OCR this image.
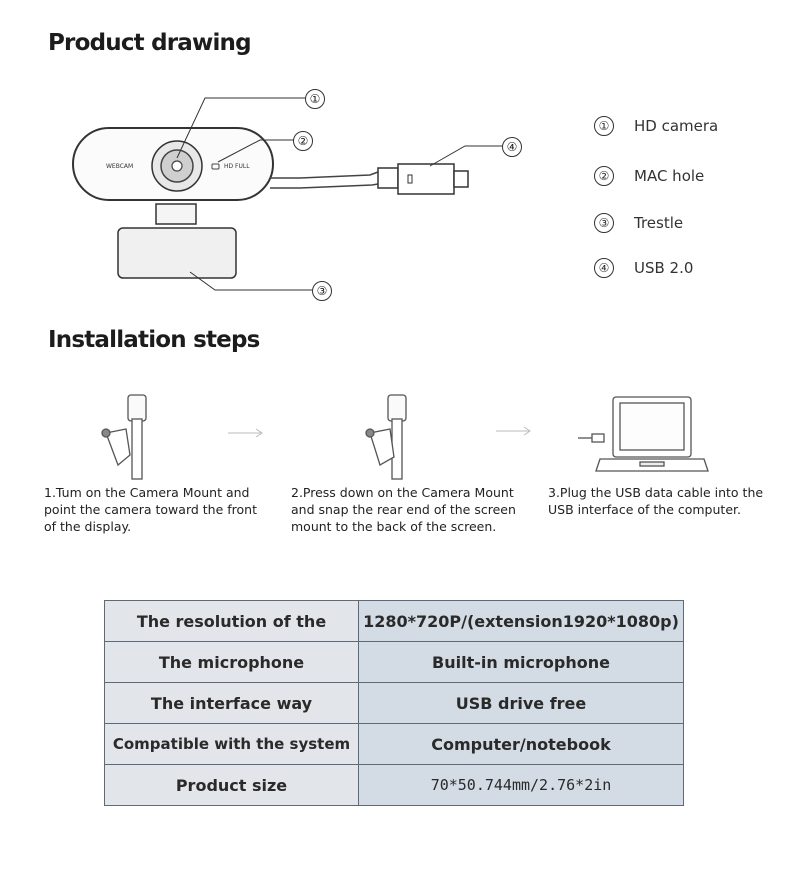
Product drawing
Installation steps
WEBCAM	HD FULL
①
②	④
③
①	HD camera
②	MAC hole
③	Trestle
④	USB 2.0
1.Tum on the Camera Mount and point the camera toward the front of the display.
2.Press down on the Camera Mount and snap the rear end of the screen mount to the back of the screen.
3.Plug the USB data cable into the USB interface of the computer.
The resolution of the	1280*720P/(extension1920*1080p)
The microphone	Built-in microphone
The interface way	USB drive free
Compatible with the system	Computer/notebook
Product size	70*50.744mm/2.76*2in
